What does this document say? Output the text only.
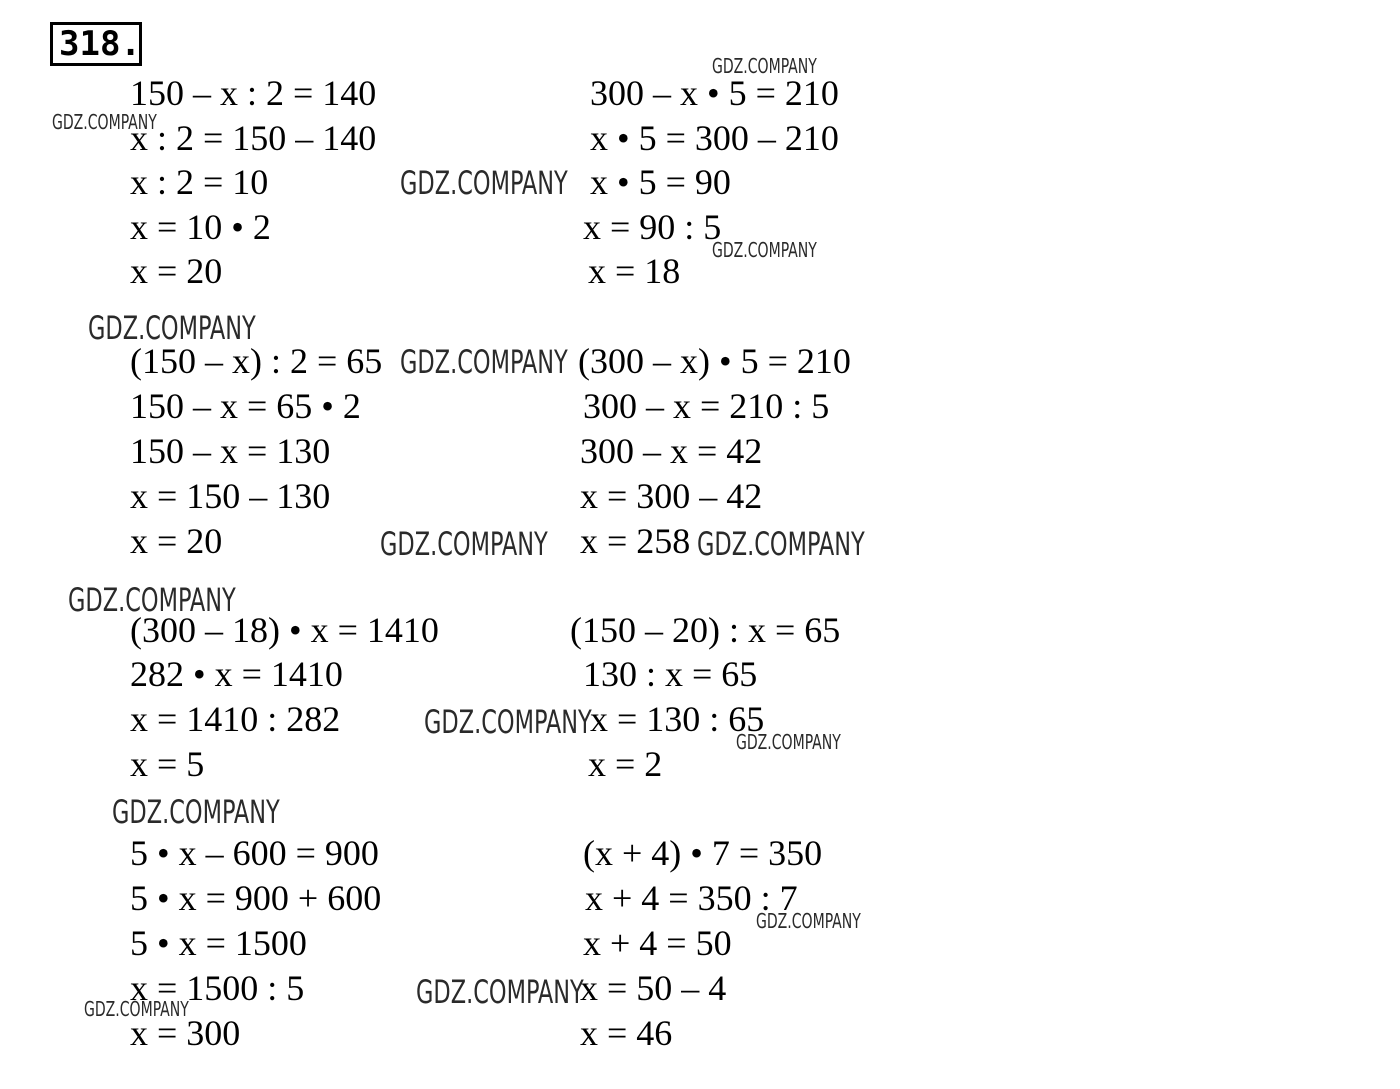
318.
150 – x : 2 = 140
x : 2 = 150 – 140
x : 2 = 10
x = 10 • 2
x = 20
300 – x • 5 = 210
x • 5 = 300 – 210
x • 5 = 90
x = 90 : 5
x = 18
(150 – x) : 2 = 65
150 – x = 65 • 2
150 – x = 130
x = 150 – 130
x = 20
(300 – x) • 5 = 210
300 – x = 210 : 5
300 – x = 42
x = 300 – 42
x = 258
(300 – 18) • x = 1410
282 • x = 1410
x = 1410 : 282
x = 5
(150 – 20) : x = 65
130 : x = 65
x = 130 : 65
x = 2
5 • x – 600 = 900
5 • x = 900 + 600
5 • x = 1500
x = 1500 : 5
x = 300
(x + 4) • 7 = 350
x + 4 = 350 : 7
x + 4 = 50
x = 50 – 4
x = 46
GDZ.COMPANY
GDZ.COMPANY
GDZ.COMPANY
GDZ.COMPANY
GDZ.COMPANY
GDZ.COMPANY
GDZ.COMPANY	GDZ.COMPANY
GDZ.COMPANY
GDZ.COMPANY
GDZ.COMPANY
GDZ.COMPANY
GDZ.COMPANY
GDZ.COMPANY
GDZ.COMPANY
